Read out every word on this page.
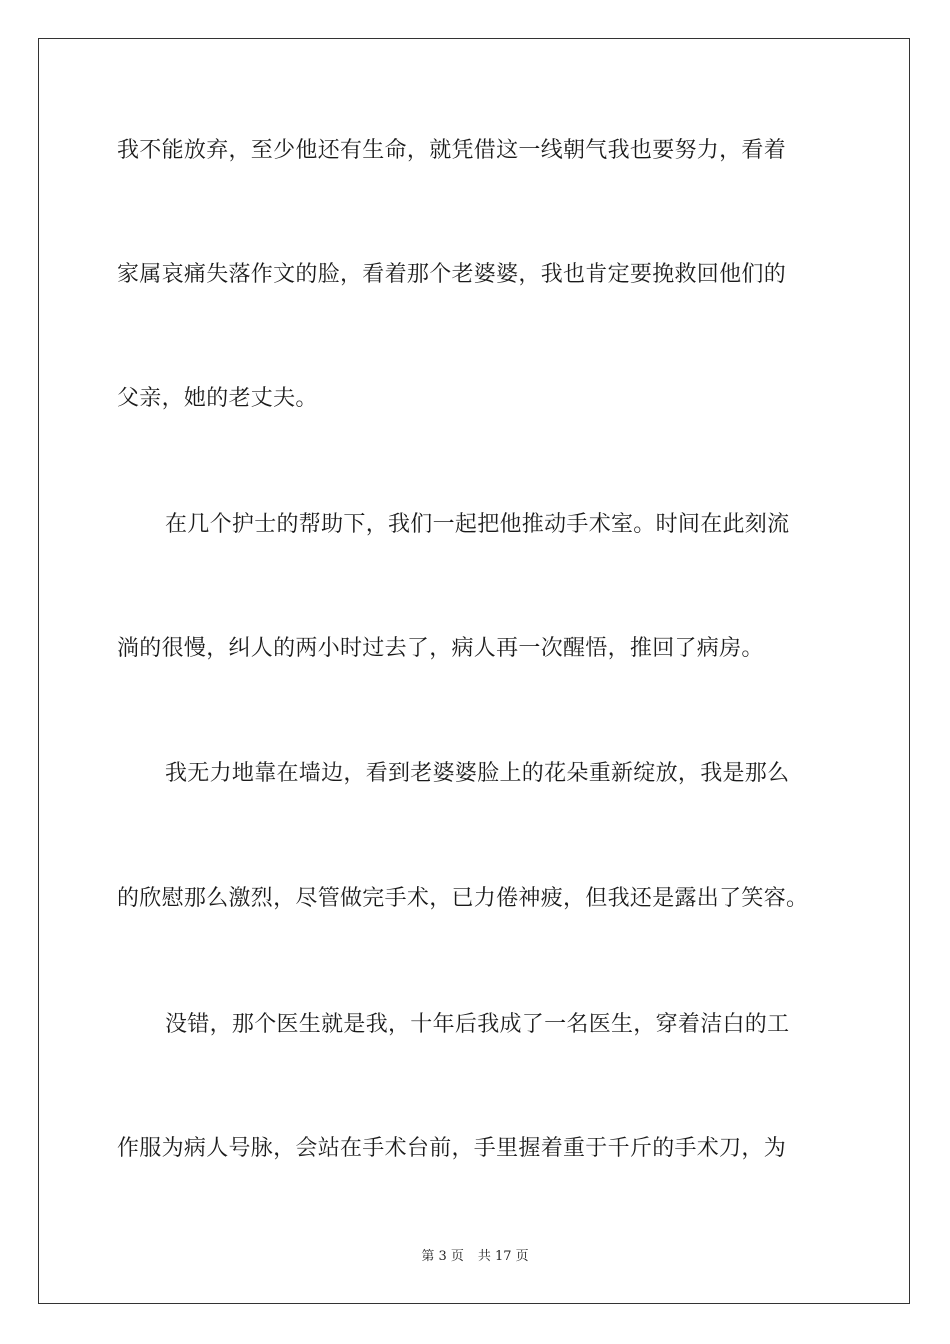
我不能放弃，至少他还有生命，就凭借这一线朝气我也要努力，看着
家属哀痛失落作文的脸，看着那个老婆婆，我也肯定要挽救回他们的
父亲，她的老丈夫。
在几个护士的帮助下，我们一起把他推动手术室。时间在此刻流
淌的很慢，纠人的两小时过去了，病人再一次醒悟，推回了病房。
我无力地靠在墙边，看到老婆婆脸上的花朵重新绽放，我是那么
的欣慰那么激烈，尽管做完手术，已力倦神疲，但我还是露出了笑容。
没错，那个医生就是我，十年后我成了一名医生，穿着洁白的工
作服为病人号脉，会站在手术台前，手里握着重于千斤的手术刀，为
第 3 页 共 17 页
